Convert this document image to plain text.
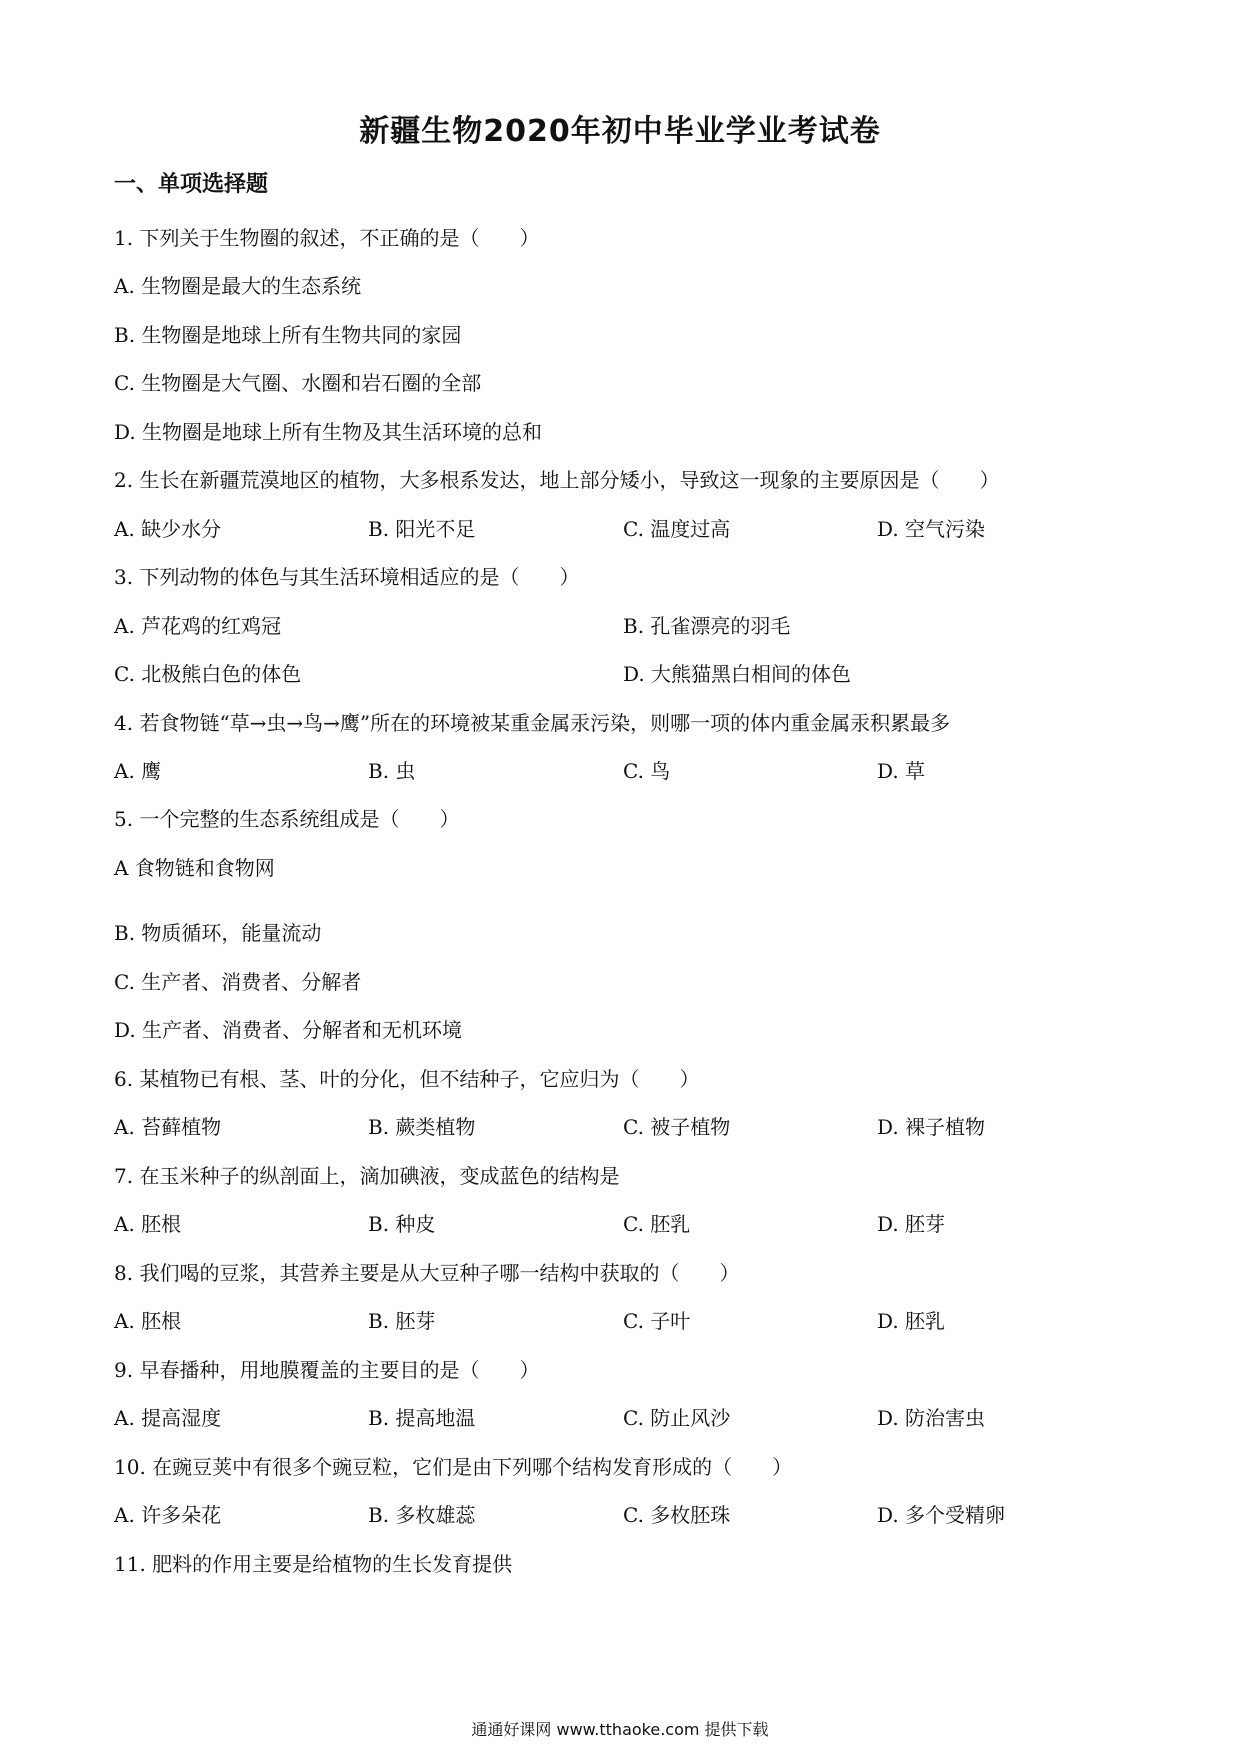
新疆生物2020年初中毕业学业考试卷
一、单项选择题
1. 下列关于生物圈的叙述，不正确的是（　　）
A. 生物圈是最大的生态系统
B. 生物圈是地球上所有生物共同的家园
C. 生物圈是大气圈、水圈和岩石圈的全部
D. 生物圈是地球上所有生物及其生活环境的总和
2. 生长在新疆荒漠地区的植物，大多根系发达，地上部分矮小，导致这一现象的主要原因是（　　）
A. 缺少水分	B. 阳光不足	C. 温度过高	D. 空气污染
3. 下列动物的体色与其生活环境相适应的是（　　）
A. 芦花鸡的红鸡冠	B. 孔雀漂亮的羽毛
C. 北极熊白色的体色	D. 大熊猫黑白相间的体色
4. 若食物链“草→虫→鸟→鹰”所在的环境被某重金属汞污染，则哪一项的体内重金属汞积累最多
A. 鹰	B. 虫	C. 鸟	D. 草
5. 一个完整的生态系统组成是（　　）
A 食物链和食物网
B. 物质循环，能量流动
C. 生产者、消费者、分解者
D. 生产者、消费者、分解者和无机环境
6. 某植物已有根、茎、叶的分化，但不结种子，它应归为（　　）
A. 苔藓植物	B. 蕨类植物	C. 被子植物	D. 裸子植物
7. 在玉米种子的纵剖面上，滴加碘液，变成蓝色的结构是
A. 胚根	B. 种皮	C. 胚乳	D. 胚芽
8. 我们喝的豆浆，其营养主要是从大豆种子哪一结构中获取的（　　）
A. 胚根	B. 胚芽	C. 子叶	D. 胚乳
9. 早春播种，用地膜覆盖的主要目的是（　　）
A. 提高湿度	B. 提高地温	C. 防止风沙	D. 防治害虫
10. 在豌豆荚中有很多个豌豆粒，它们是由下列哪个结构发育形成的（　　）
A. 许多朵花	B. 多枚雄蕊	C. 多枚胚珠	D. 多个受精卵
11. 肥料的作用主要是给植物的生长发育提供
通通好课网 www.tthaoke.com 提供下载
